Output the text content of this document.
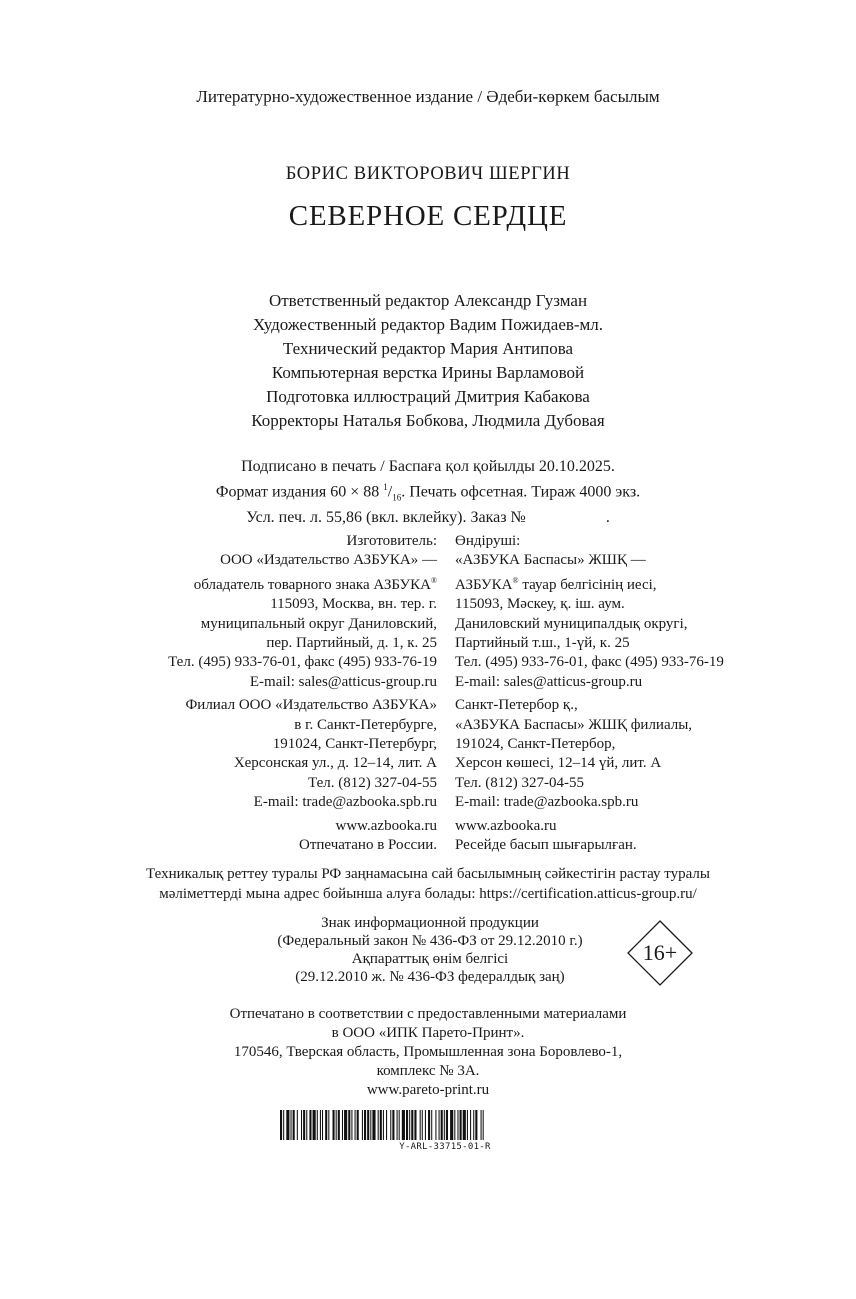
Литературно-художественное издание / Әдеби-көркем басылым
БОРИС ВИКТОРОВИЧ ШЕРГИН
СЕВЕРНОЕ СЕРДЦЕ
Ответственный редактор Александр Гузман
Художественный редактор Вадим Пожидаев-мл.
Технический редактор Мария Антипова
Компьютерная верстка Ирины Варламовой
Подготовка иллюстраций Дмитрия Кабакова
Корректоры Наталья Бобкова, Людмила Дубовая
Подписано в печать / Баспаға қол қойылды 20.10.2025.
Формат издания 60 × 88 $^1/_{16}$. Печать офсетная. Тираж 4000 экз.
Усл. печ. л. 55,86 (вкл. вклейку). Заказ №	.
Изготовитель:
ООО «Издательство АЗБУКА» —
обладатель товарного знака АЗБУКА®
115093, Москва, вн. тер. г.
муниципальный округ Даниловский,
пер. Партийный, д. 1, к. 25
Тел. (495) 933-76-01, факс (495) 933-76-19
E-mail: sales@atticus-group.ru
Филиал ООО «Издательство АЗБУКА»
в г. Санкт-Петербурге,
191024, Санкт-Петербург,
Херсонская ул., д. 12–14, лит. А
Тел. (812) 327-04-55
E-mail: trade@azbooka.spb.ru
www.azbooka.ru
Отпечатано в России.
Өндіруші:
«АЗБУКА Баспасы» ЖШҚ —
АЗБУКА® тауар белгісінің иесі,
115093, Мәскеу, қ. іш. аум.
Даниловский муниципалдық округі,
Партийный т.ш., 1-үй, к. 25
Тел. (495) 933-76-01, факс (495) 933-76-19
E-mail: sales@atticus-group.ru
Санкт-Петербор қ.,
«АЗБУКА Баспасы» ЖШҚ филиалы,
191024, Санкт-Петербор,
Херсон көшесі, 12–14 үй, лит. А
Тел. (812) 327-04-55
E-mail: trade@azbooka.spb.ru
www.azbooka.ru
Ресейде басып шығарылған.
Техникалық реттеу туралы РФ заңнамасына сай басылымның сәйкестігін растау туралы
мәліметтерді мына адрес бойынша алуға болады: https://certification.atticus-group.ru/
Знак информационной продукции
(Федеральный закон № 436-ФЗ от 29.12.2010 г.)
Ақпараттық өнім белгісі
(29.12.2010 ж. № 436-ФЗ федералдық заң)
16+
Отпечатано в соответствии с предоставленными материалами
в ООО «ИПК Парето-Принт».
170546, Тверская область, Промышленная зона Боровлево-1,
комплекс № 3А.
www.pareto-print.ru
Y-ARL-33715-01-R
